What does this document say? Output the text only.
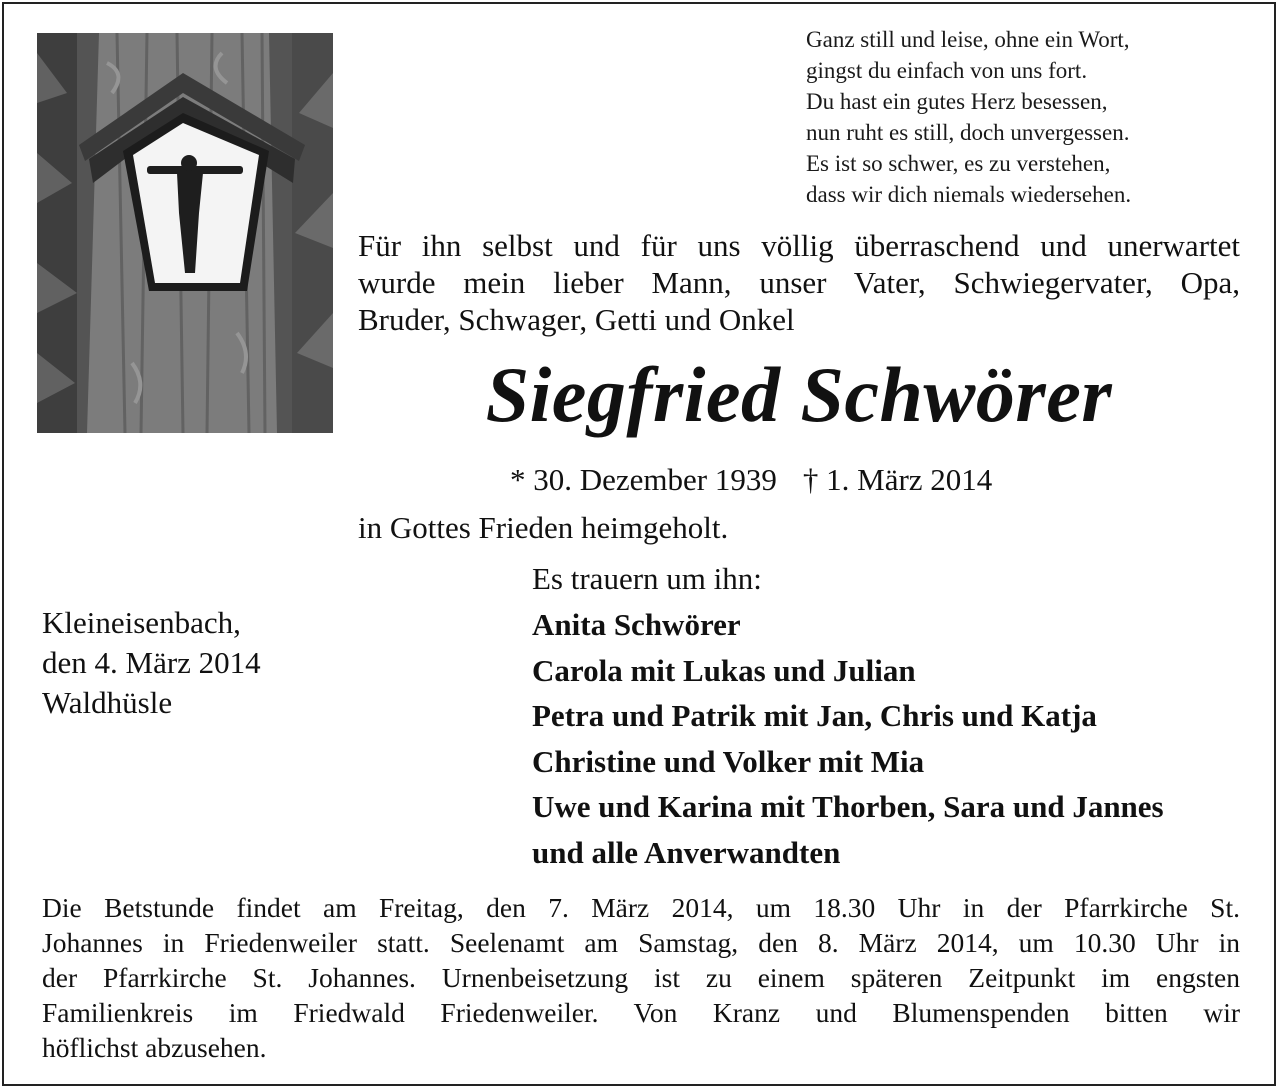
Ganz still und leise, ohne ein Wort,
gingst du einfach von uns fort.
Du hast ein gutes Herz besessen,
nun ruht es still, doch unvergessen.
Es ist so schwer, es zu verstehen,
dass wir dich niemals wiedersehen.
Für ihn selbst und für uns völlig überraschend und unerwartet
wurde mein lieber Mann, unser Vater, Schwiegervater, Opa,
Bruder, Schwager, Getti und Onkel
Siegfried Schwörer
* 30. Dezember 1939 † 1. März 2014
in Gottes Frieden heimgeholt.
Kleineisenbach,
den 4. März 2014
Waldhüsle
Es trauern um ihn:
Anita Schwörer
Carola mit Lukas und Julian
Petra und Patrik mit Jan, Chris und Katja
Christine und Volker mit Mia
Uwe und Karina mit Thorben, Sara und Jannes
und alle Anverwandten
Die Betstunde findet am Freitag, den 7. März 2014, um 18.30 Uhr in der Pfarrkirche St.
Johannes in Friedenweiler statt. Seelenamt am Samstag, den 8. März 2014, um 10.30 Uhr in
der Pfarrkirche St. Johannes. Urnenbeisetzung ist zu einem späteren Zeitpunkt im engsten
Familienkreis im Friedwald Friedenweiler. Von Kranz und Blumenspenden bitten wir
höflichst abzusehen.
